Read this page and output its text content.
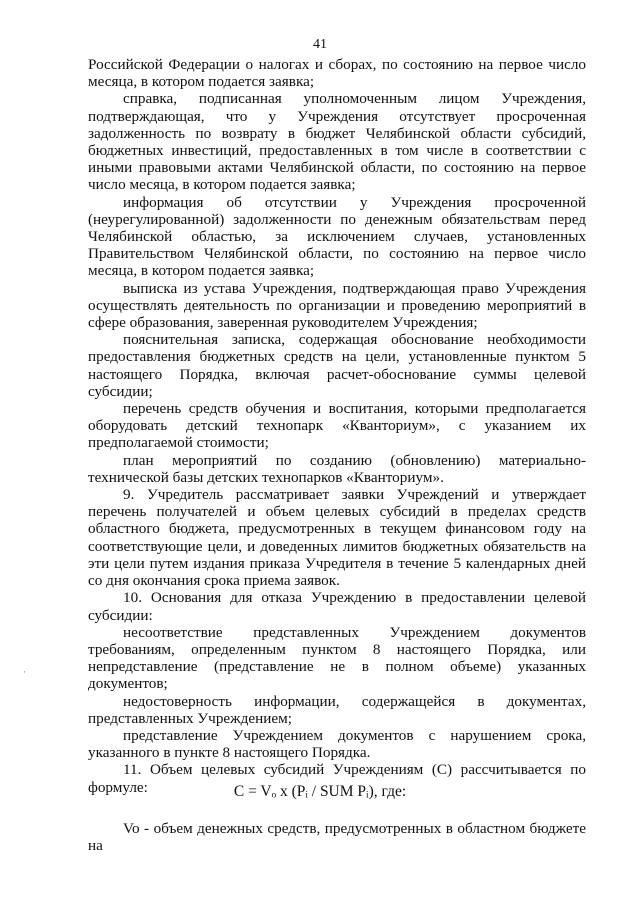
41

Российской Федерации о налогах и сборах, по состоянию на первое число месяца, в котором подается заявка;

справка, подписанная уполномоченным лицом Учреждения, подтверждающая, что у Учреждения отсутствует просроченная задолженность по возврату в бюджет Челябинской области субсидий, бюджетных инвестиций, предоставленных в том числе в соответствии с иными правовыми актами Челябинской области, по состоянию на первое число месяца, в котором подается заявка;

информация об отсутствии у Учреждения просроченной (неурегулированной) задолженности по денежным обязательствам перед Челябинской областью, за исключением случаев, установленных Правительством Челябинской области, по состоянию на первое число месяца, в котором подается заявка;

выписка из устава Учреждения, подтверждающая право Учреждения осуществлять деятельность по организации и проведению мероприятий в сфере образования, заверенная руководителем Учреждения;

пояснительная записка, содержащая обоснование необходимости предоставления бюджетных средств на цели, установленные пунктом 5 настоящего Порядка, включая расчет-обоснование суммы целевой субсидии;

перечень средств обучения и воспитания, которыми предполагается оборудовать детский технопарк «Кванториум», с указанием их предполагаемой стоимости;

план мероприятий по созданию (обновлению) материально-технической базы детских технопарков «Кванториум».

9. Учредитель рассматривает заявки Учреждений и утверждает перечень получателей и объем целевых субсидий в пределах средств областного бюджета, предусмотренных в текущем финансовом году на соответствующие цели, и доведенных лимитов бюджетных обязательств на эти цели путем издания приказа Учредителя в течение 5 календарных дней со дня окончания срока приема заявок.

10. Основания для отказа Учреждению в предоставлении целевой субсидии:

несоответствие представленных Учреждением документов требованиям, определенным пунктом 8 настоящего Порядка, или непредставление (представление не в полном объеме) указанных документов;

недостоверность информации, содержащейся в документах, представленных Учреждением;

представление Учреждением документов с нарушением срока, указанного в пункте 8 настоящего Порядка.

11. Объем целевых субсидий Учреждениям (С) рассчитывается по формуле:	C = Vₒ x (Pᵢ / SUM Pᵢ), где:

Vo - объем денежных средств, предусмотренных в областном бюджете на

·
